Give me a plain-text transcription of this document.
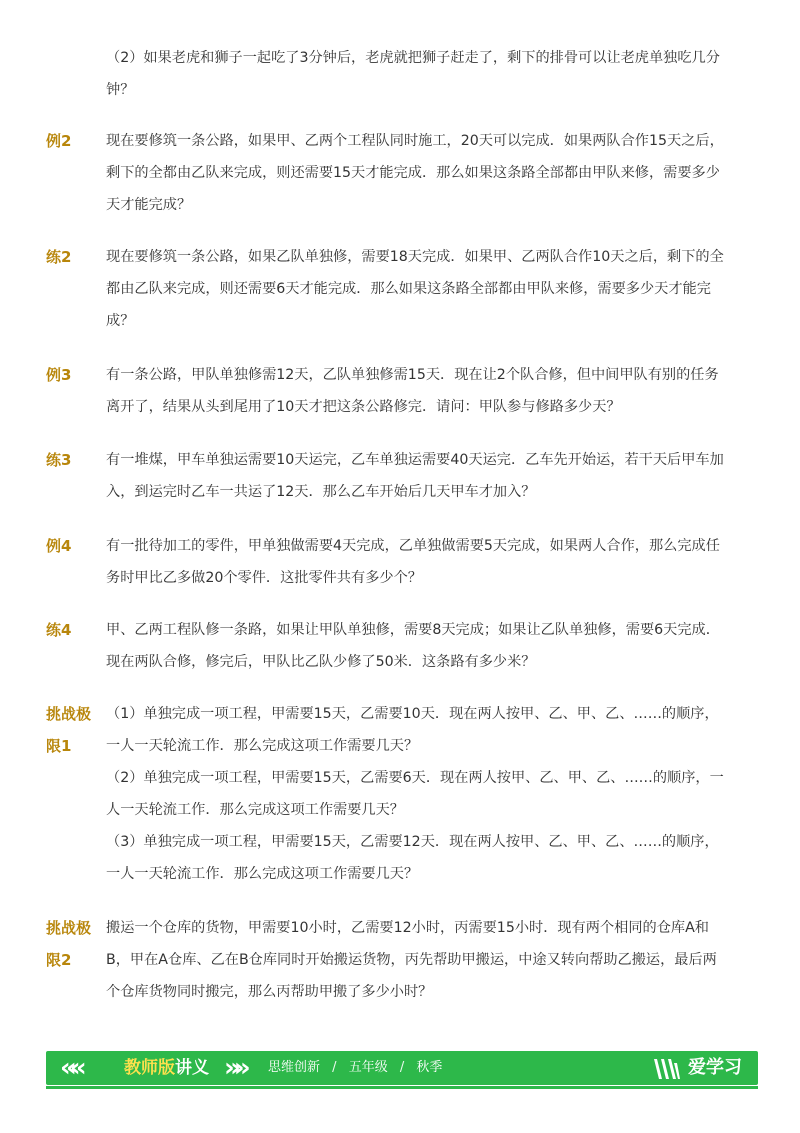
（2）如果老虎和狮子一起吃了3分钟后，老虎就把狮子赶走了，剩下的排骨可以让老虎单独吃几分钟？
例2	现在要修筑一条公路，如果甲、乙两个工程队同时施工，20天可以完成．如果两队合作15天之后，剩下的全都由乙队来完成，则还需要15天才能完成．那么如果这条路全部都由甲队来修，需要多少天才能完成？
练2	现在要修筑一条公路，如果乙队单独修，需要18天完成．如果甲、乙两队合作10天之后，剩下的全都由乙队来完成，则还需要6天才能完成．那么如果这条路全部都由甲队来修，需要多少天才能完成？
例3	有一条公路，甲队单独修需12天，乙队单独修需15天．现在让2个队合修，但中间甲队有别的任务离开了，结果从头到尾用了10天才把这条公路修完．请问：甲队参与修路多少天？
练3	有一堆煤，甲车单独运需要10天运完，乙车单独运需要40天运完．乙车先开始运，若干天后甲车加入，到运完时乙车一共运了12天．那么乙车开始后几天甲车才加入？
例4	有一批待加工的零件，甲单独做需要4天完成，乙单独做需要5天完成，如果两人合作，那么完成任务时甲比乙多做20个零件．这批零件共有多少个？
练4	甲、乙两工程队修一条路，如果让甲队单独修，需要8天完成；如果让乙队单独修，需要6天完成．现在两队合修，修完后，甲队比乙队少修了50米．这条路有多少米？
挑战极限1
（1）单独完成一项工程，甲需要15天，乙需要10天．现在两人按甲、乙、甲、乙、……的顺序，一人一天轮流工作．那么完成这项工作需要几天？
（2）单独完成一项工程，甲需要15天，乙需要6天．现在两人按甲、乙、甲、乙、……的顺序，一人一天轮流工作．那么完成这项工作需要几天？
（3）单独完成一项工程，甲需要15天，乙需要12天．现在两人按甲、乙、甲、乙、……的顺序，一人一天轮流工作．那么完成这项工作需要几天？
挑战极限2
搬运一个仓库的货物，甲需要10小时，乙需要12小时，丙需要15小时．现有两个相同的仓库A和B，甲在A仓库、乙在B仓库同时开始搬运货物，丙先帮助甲搬运，中途又转向帮助乙搬运，最后两个仓库货物同时搬完，那么丙帮助甲搬了多少小时？
« «	教师版讲义 » » 思维创新 / 五年级 / 秋季	爱学习
